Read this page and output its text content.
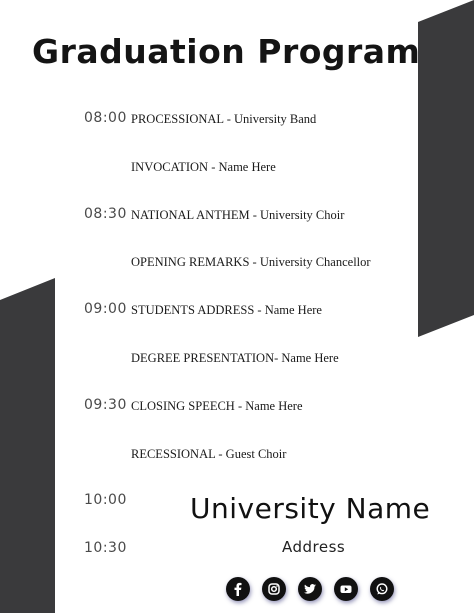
Graduation Program
08:00 PROCESSIONAL - University Band
INVOCATION - Name Here
08:30 NATIONAL ANTHEM - University Choir
OPENING REMARKS - University Chancellor
09:00 STUDENTS ADDRESS - Name Here
DEGREE PRESENTATION- Name Here
09:30 CLOSING SPEECH - Name Here
RECESSIONAL - Guest Choir
10:00
10:30
University Name
Address
